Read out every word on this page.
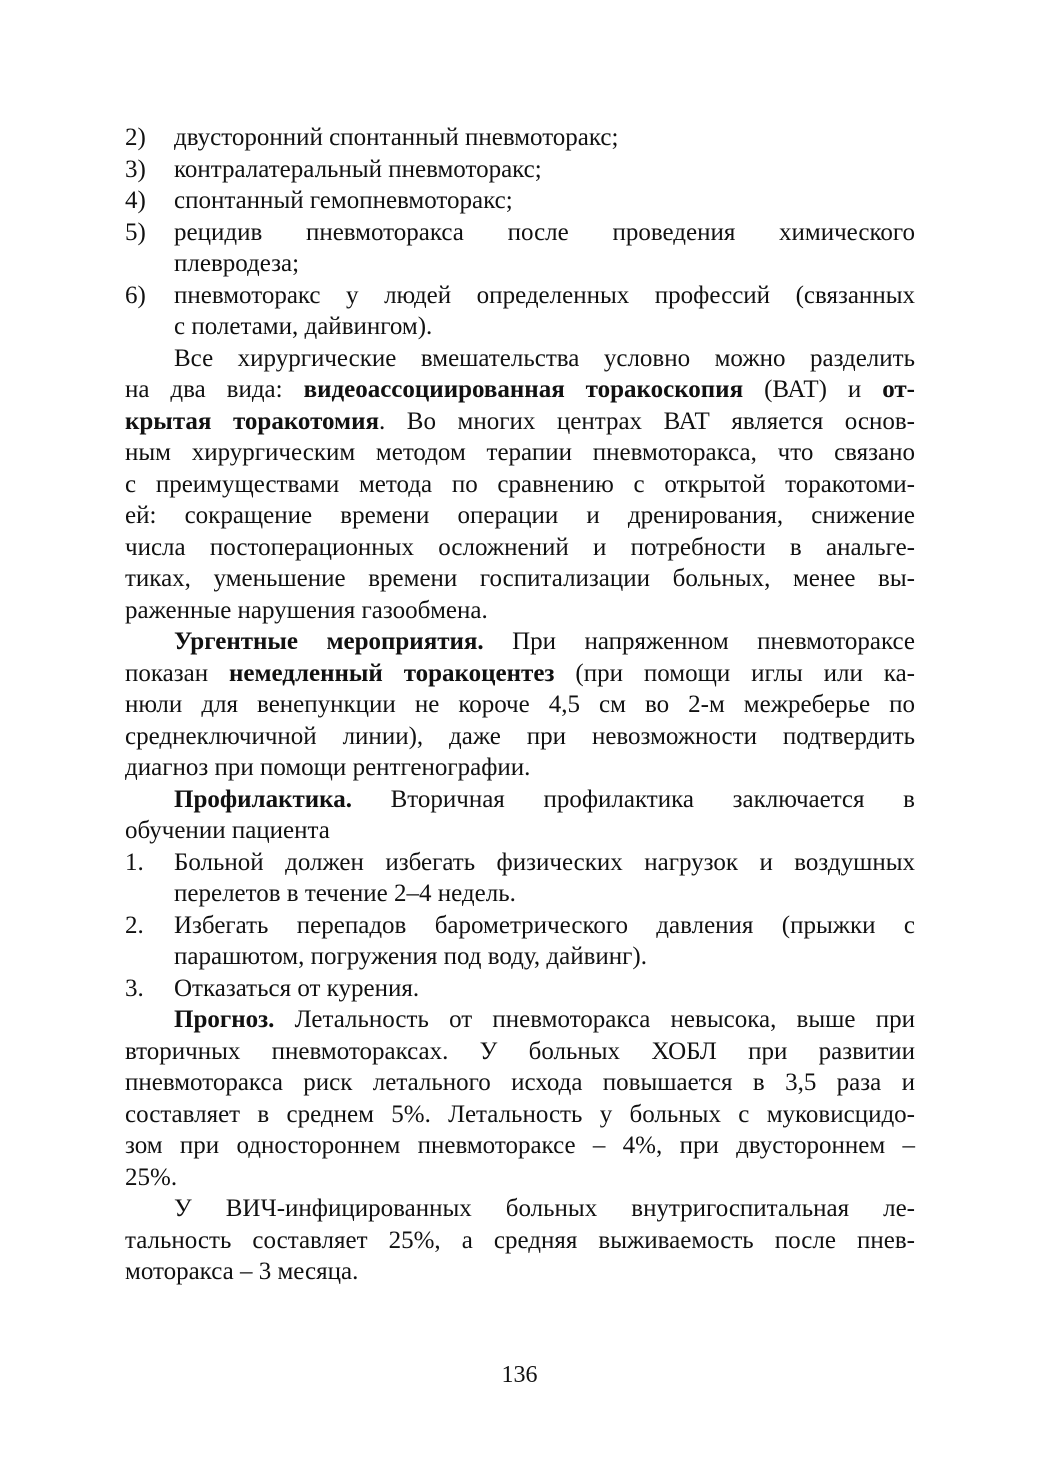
2)	двусторонний спонтанный пневмоторакс;
3)	контралатеральный пневмоторакс;
4)	спонтанный гемопневмоторакс;
5)	рецидив пневмоторакса после проведения химического
плевродеза;
6)	пневмоторакс у людей определенных профессий (связанных
с полетами, дайвингом).
Все хирургические вмешательства условно можно разделить
на два вида: видеоассоциированная торакоскопия (ВАТ) и от-
крытая торакотомия. Во многих центрах ВАТ является основ-
ным хирургическим методом терапии пневмоторакса, что связано
с преимуществами метода по сравнению с открытой торакотоми-
ей: сокращение времени операции и дренирования, снижение
числа постоперационных осложнений и потребности в анальге-
тиках, уменьшение времени госпитализации больных, менее вы-
раженные нарушения газообмена.
Ургентные мероприятия. При напряженном пневмотораксе
показан немедленный торакоцентез (при помощи иглы или ка-
нюли для венепункции не короче 4,5 см во 2-м межреберье по
среднеключичной линии), даже при невозможности подтвердить
диагноз при помощи рентгенографии.
Профилактика. Вторичная профилактика заключается в
обучении пациента
1.	Больной должен избегать физических нагрузок и воздушных
перелетов в течение 2–4 недель.
2.	Избегать перепадов барометрического давления (прыжки с
парашютом, погружения под воду, дайвинг).
3.	Отказаться от курения.
Прогноз. Летальность от пневмоторакса невысока, выше при
вторичных пневмотораксах. У больных ХОБЛ при развитии
пневмоторакса риск летального исхода повышается в 3,5 раза и
составляет в среднем 5%. Летальность у больных с муковисцидо-
зом при одностороннем пневмотораксе – 4%, при двустороннем –
25%.
У ВИЧ-инфицированных больных внутригоспитальная ле-
тальность составляет 25%, а средняя выживаемость после пнев-
моторакса – 3 месяца.
136
